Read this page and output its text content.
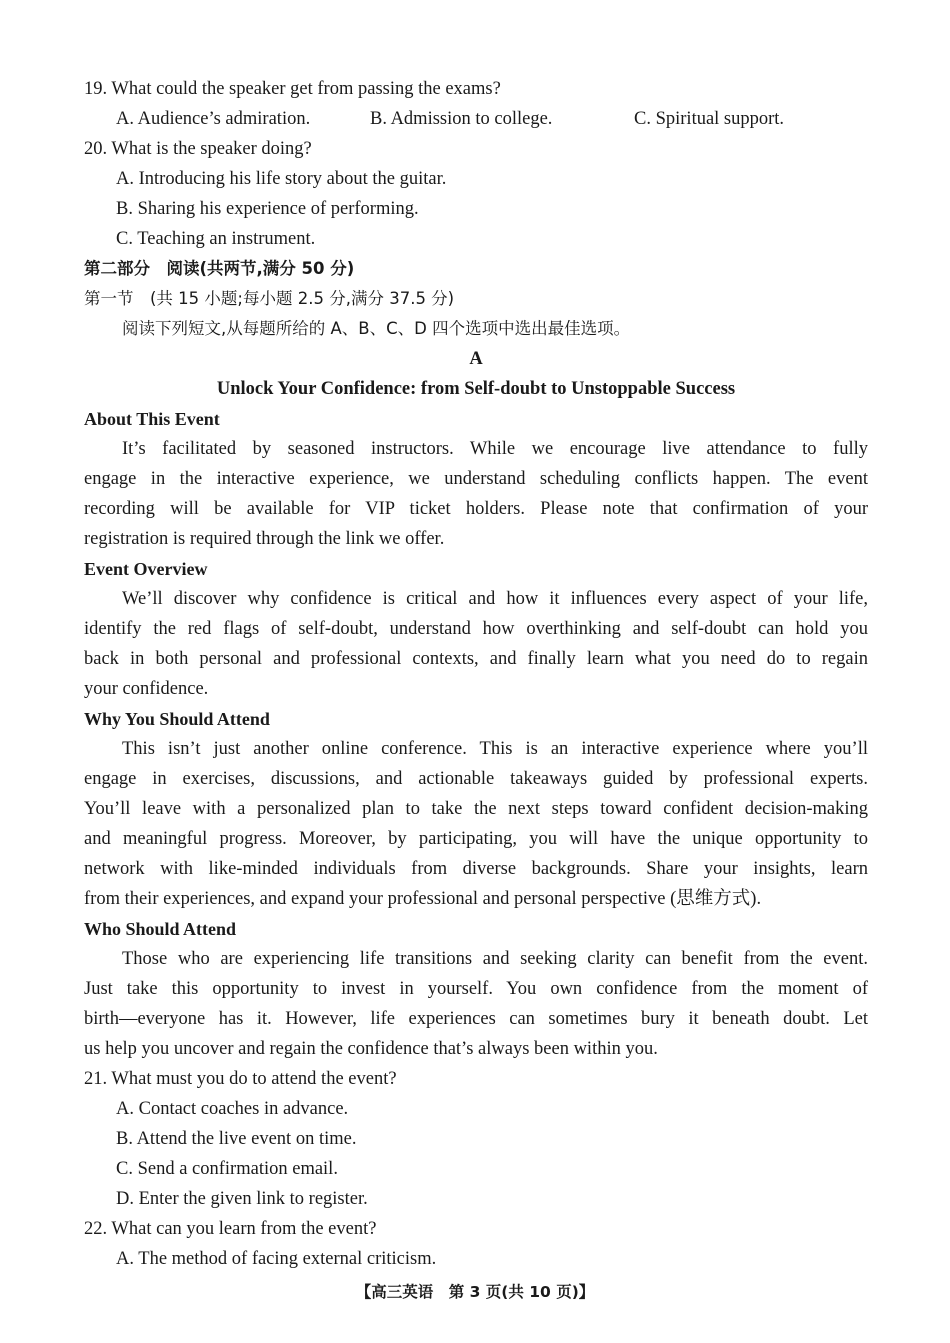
19. What could the speaker get from passing the exams?
A. Audience’s admiration.	B. Admission to college.	C. Spiritual support.
20. What is the speaker doing?
A. Introducing his life story about the guitar.
B. Sharing his experience of performing.
C. Teaching an instrument.
第二部分　阅读(共两节,满分 50 分)
第一节　(共 15 小题;每小题 2.5 分,满分 37.5 分)
阅读下列短文,从每题所给的 A、B、C、D 四个选项中选出最佳选项。
A
Unlock Your Confidence: from Self-doubt to Unstoppable Success
About This Event
It’s facilitated by seasoned instructors. While we encourage live attendance to fully
engage in the interactive experience, we understand scheduling conflicts happen. The event
recording will be available for VIP ticket holders. Please note that confirmation of your
registration is required through the link we offer.
Event Overview
We’ll discover why confidence is critical and how it influences every aspect of your life,
identify the red flags of self-doubt, understand how overthinking and self-doubt can hold you
back in both personal and professional contexts, and finally learn what you need do to regain
your confidence.
Why You Should Attend
This isn’t just another online conference. This is an interactive experience where you’ll
engage in exercises, discussions, and actionable takeaways guided by professional experts.
You’ll leave with a personalized plan to take the next steps toward confident decision-making
and meaningful progress. Moreover, by participating, you will have the unique opportunity to
network with like-minded individuals from diverse backgrounds. Share your insights, learn
from their experiences, and expand your professional and personal perspective (思维方式).
Who Should Attend
Those who are experiencing life transitions and seeking clarity can benefit from the event.
Just take this opportunity to invest in yourself. You own confidence from the moment of
birth—everyone has it. However, life experiences can sometimes bury it beneath doubt. Let
us help you uncover and regain the confidence that’s always been within you.
21. What must you do to attend the event?
A. Contact coaches in advance.
B. Attend the live event on time.
C. Send a confirmation email.
D. Enter the given link to register.
22. What can you learn from the event?
A. The method of facing external criticism.
【高三英语　第 3 页(共 10 页)】
